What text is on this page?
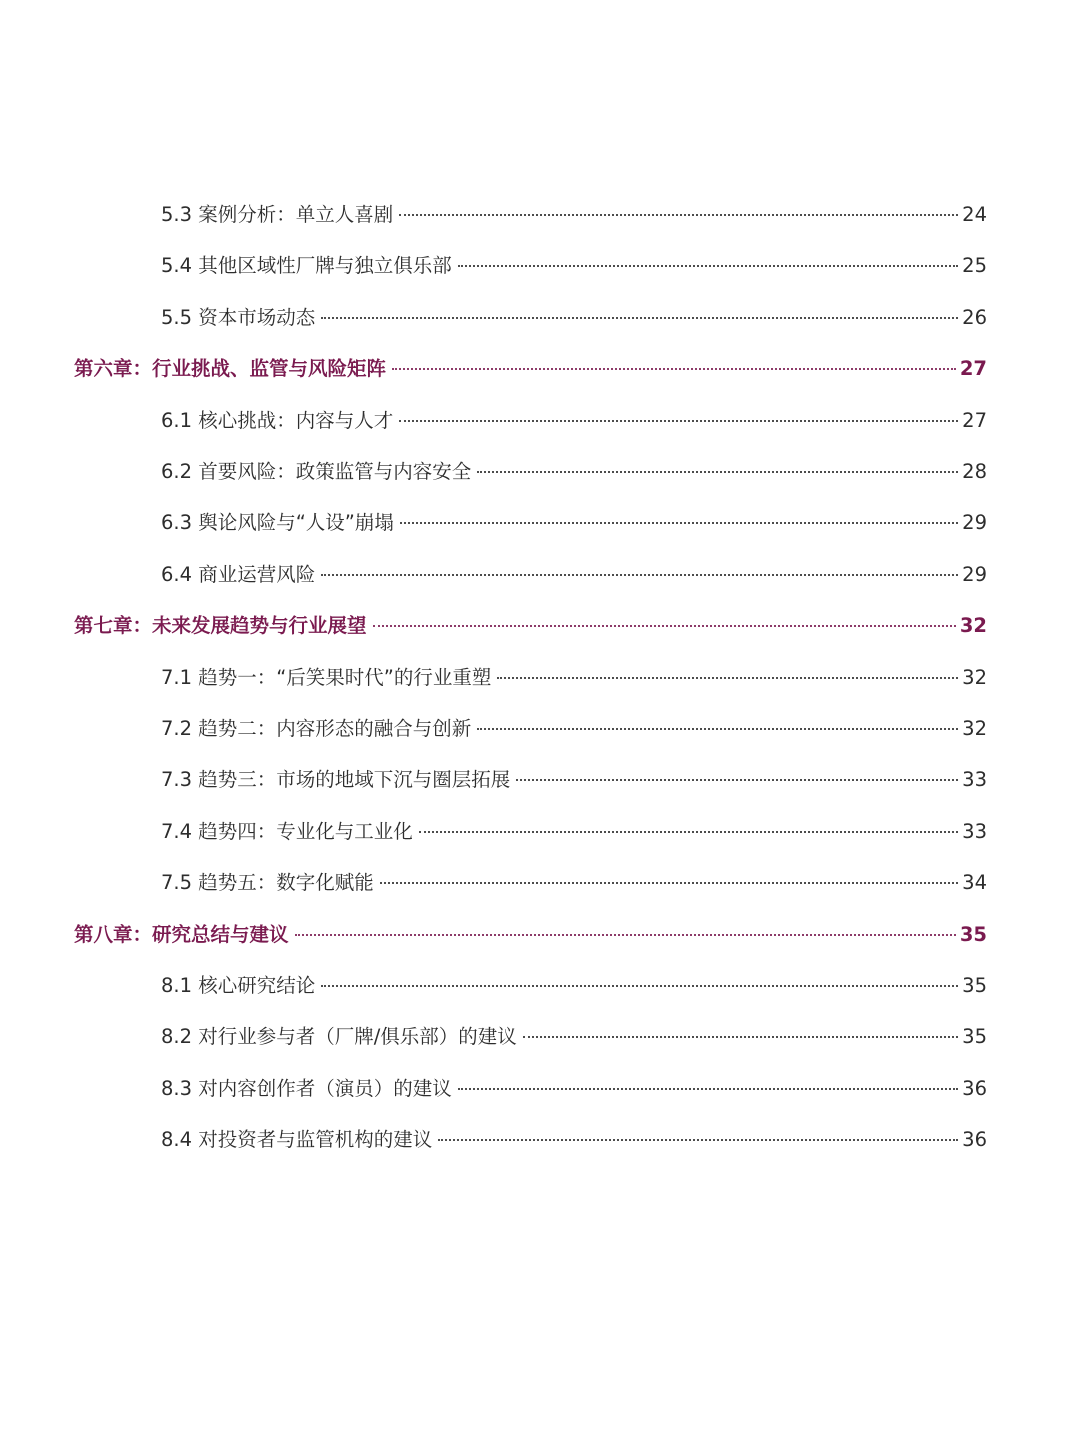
5.3 案例分析：单立人喜剧	24
5.4 其他区域性厂牌与独立俱乐部	25
5.5 资本市场动态	26
第六章：行业挑战、监管与风险矩阵	27
6.1 核心挑战：内容与人才	27
6.2 首要风险：政策监管与内容安全	28
6.3 舆论风险与“人设”崩塌	29
6.4 商业运营风险	29
第七章：未来发展趋势与行业展望	32
7.1 趋势一：“后笑果时代”的行业重塑	32
7.2 趋势二：内容形态的融合与创新	32
7.3 趋势三：市场的地域下沉与圈层拓展	33
7.4 趋势四：专业化与工业化	33
7.5 趋势五：数字化赋能	34
第八章：研究总结与建议	35
8.1 核心研究结论	35
8.2 对行业参与者（厂牌/俱乐部）的建议	35
8.3 对内容创作者（演员）的建议	36
8.4 对投资者与监管机构的建议	36
